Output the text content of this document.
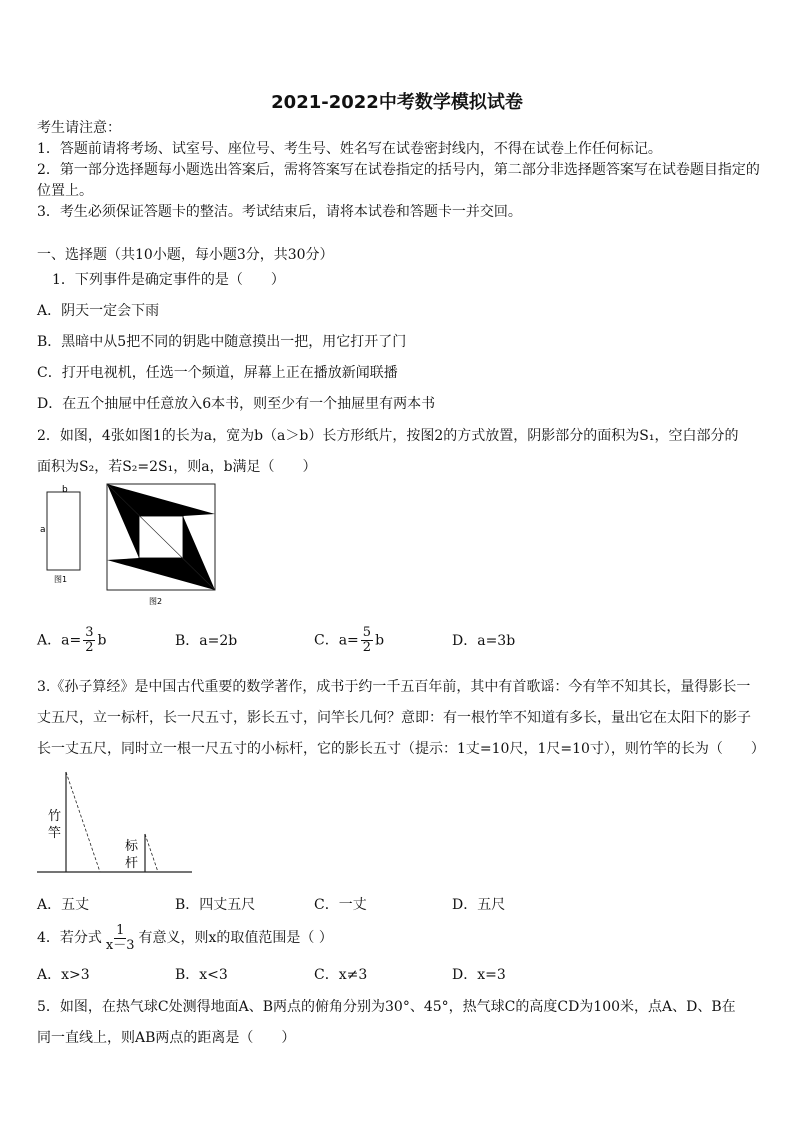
2021-2022中考数学模拟试卷
考生请注意：
1．答题前请将考场、试室号、座位号、考生号、姓名写在试卷密封线内，不得在试卷上作任何标记。
2．第一部分选择题每小题选出答案后，需将答案写在试卷指定的括号内，第二部分非选择题答案写在试卷题目指定的
位置上。
3．考生必须保证答题卡的整洁。考试结束后，请将本试卷和答题卡一并交回。
一、选择题（共10小题，每小题3分，共30分）
1．下列事件是确定事件的是（　　）
A．阴天一定会下雨
B．黑暗中从5把不同的钥匙中随意摸出一把，用它打开了门
C．打开电视机，任选一个频道，屏幕上正在播放新闻联播
D．在五个抽屉中任意放入6本书，则至少有一个抽屉里有两本书
2．如图，4张如图1的长为a，宽为b（a＞b）长方形纸片，按图2的方式放置，阴影部分的面积为S₁，空白部分的
面积为S₂，若S₂=2S₁，则a，b满足（　　）
b
a
图1
图2
A．$a= \frac{3}{2}$ b	B．a=2b	C．$a= \frac{5}{2}$ b	D．a=3b
3.《孙子算经》是中国古代重要的数学著作，成书于约一千五百年前，其中有首歌谣：今有竿不知其长，量得影长一
丈五尺，立一标杆，长一尺五寸，影长五寸，问竿长几何？意即：有一根竹竿不知道有多长，量出它在太阳下的影子
长一丈五尺，同时立一根一尺五寸的小标杆，它的影长五寸（提示：1丈=10尺，1尺=10寸），则竹竿的长为（　　）
竹
竿
标
杆
A．五丈	B．四丈五尺	C．一丈	D．五尺
4．若分式 $\frac{1}{x-3}$ 有意义，则x的取值范围是（ ）
A．x>3	B．x<3	C．x≠3	D．x=3
5．如图，在热气球C处测得地面A、B两点的俯角分别为30°、45°，热气球C的高度CD为100米，点A、D、B在
同一直线上，则AB两点的距离是（　　）
